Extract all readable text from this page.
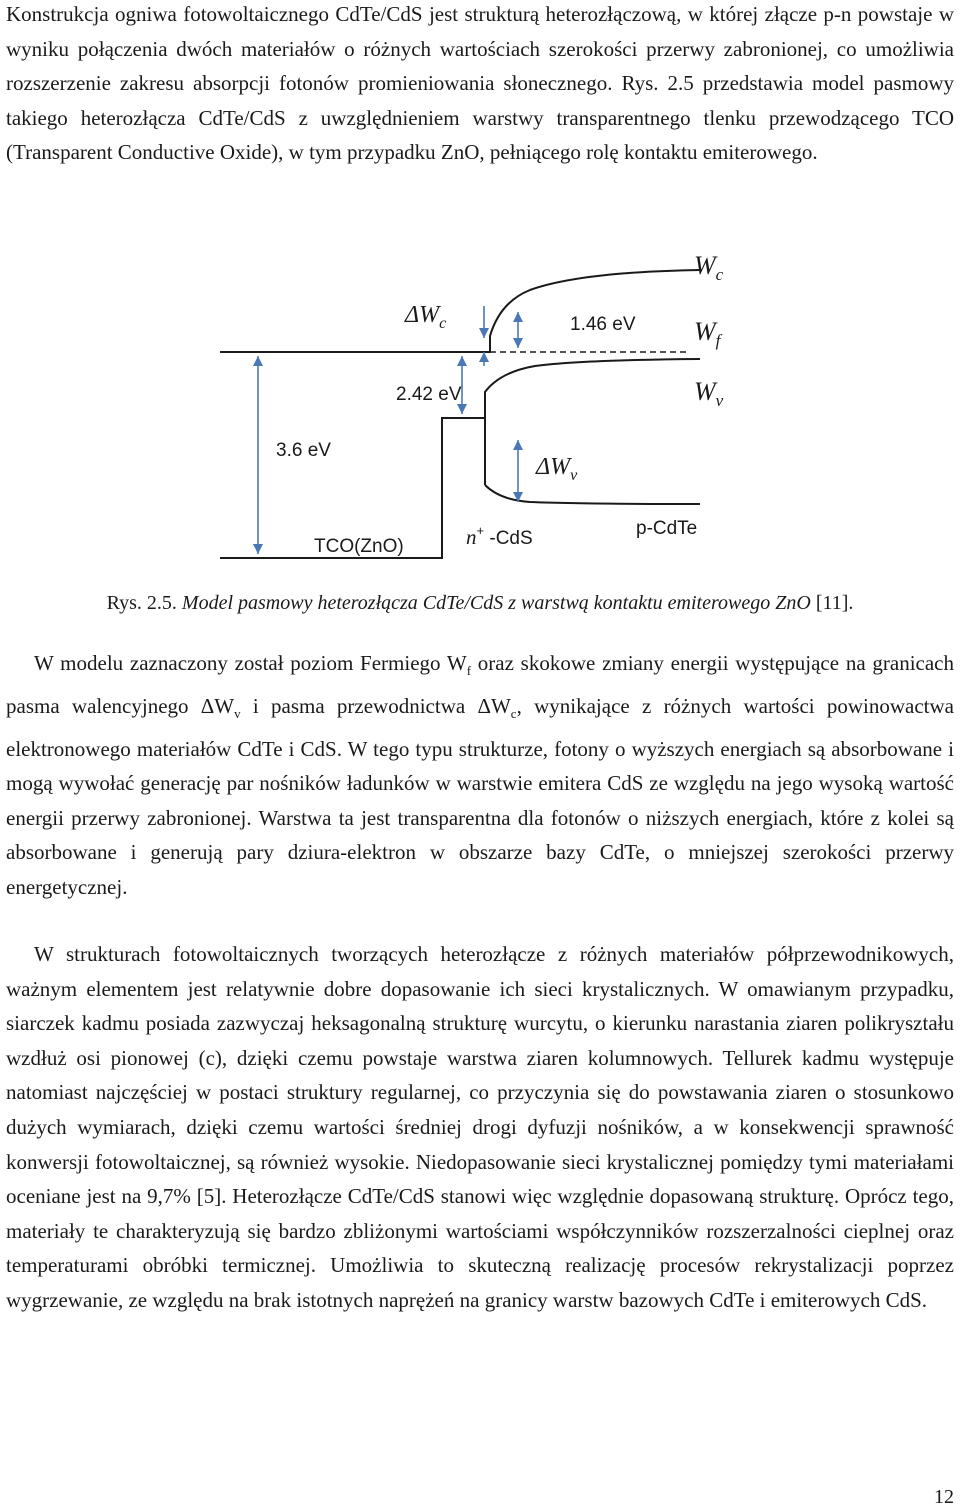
Konstrukcja ogniwa fotowoltaicznego CdTe/CdS jest strukturą heterozłączową, w której złącze p-n powstaje w wyniku połączenia dwóch materiałów o różnych wartościach szerokości przerwy zabronionej, co umożliwia rozszerzenie zakresu absorpcji fotonów promieniowania słonecznego. Rys. 2.5 przedstawia model pasmowy takiego heterozłącza CdTe/CdS z uwzględnieniem warstwy transparentnego tlenku przewodzącego TCO (Transparent Conductive Oxide), w tym przypadku ZnO, pełniącego rolę kontaktu emiterowego.

$W_c$
$W_f$
$W_v$
$\Delta W_c$
$\Delta W_v$
1.46 eV
2.42 eV
3.6 eV
TCO(ZnO)	n+ -CdS	p-CdTe
Rys. 2.5. Model pasmowy heterozłącza CdTe/CdS z warstwą kontaktu emiterowego ZnO [11].

W modelu zaznaczony został poziom Fermiego $W_f$ oraz skokowe zmiany energii występujące na granicach pasma walencyjnego $\Delta W_v$ i pasma przewodnictwa $\Delta W_c$, wynikające z różnych wartości powinowactwa elektronowego materiałów CdTe i CdS. W tego typu strukturze, fotony o wyższych energiach są absorbowane i mogą wywołać generację par nośników ładunków w warstwie emitera CdS ze względu na jego wysoką wartość energii przerwy zabronionej. Warstwa ta jest transparentna dla fotonów o niższych energiach, które z kolei są absorbowane i generują pary dziura-elektron w obszarze bazy CdTe, o mniejszej szerokości przerwy energetycznej.

W strukturach fotowoltaicznych tworzących heterozłącze z różnych materiałów półprzewodnikowych, ważnym elementem jest relatywnie dobre dopasowanie ich sieci krystalicznych. W omawianym przypadku, siarczek kadmu posiada zazwyczaj heksagonalną strukturę wurcytu, o kierunku narastania ziaren polikryształu wzdłuż osi pionowej (c), dzięki czemu powstaje warstwa ziaren kolumnowych. Tellurek kadmu występuje natomiast najczęściej w postaci struktury regularnej, co przyczynia się do powstawania ziaren o stosunkowo dużych wymiarach, dzięki czemu wartości średniej drogi dyfuzji nośników, a w konsekwencji sprawność konwersji fotowoltaicznej, są również wysokie. Niedopasowanie sieci krystalicznej pomiędzy tymi materiałami oceniane jest na 9,7% [5]. Heterozłącze CdTe/CdS stanowi więc względnie dopasowaną strukturę. Oprócz tego, materiały te charakteryzują się bardzo zbliżonymi wartościami współczynników rozszerzalności cieplnej oraz temperaturami obróbki termicznej. Umożliwia to skuteczną realizację procesów rekrystalizacji poprzez wygrzewanie, ze względu na brak istotnych naprężeń na granicy warstw bazowych CdTe i emiterowych CdS.

12
